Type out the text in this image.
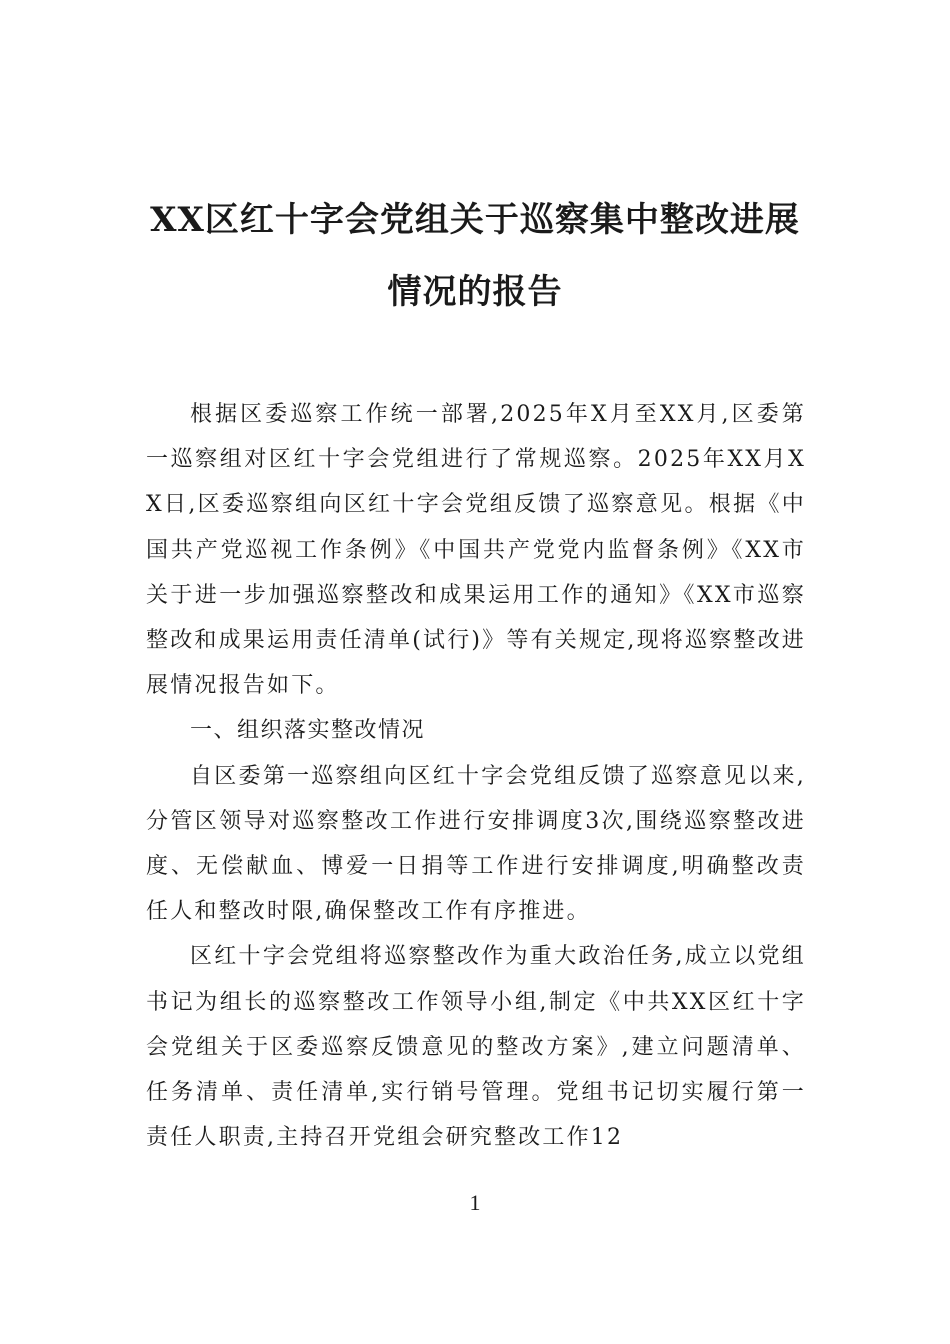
XX区红十字会党组关于巡察集中整改进展
情况的报告

根据区委巡察工作统一部署,2025年X月至XX月,区委第一巡察组对区红十字会党组进行了常规巡察。2025年XX月XX日,区委巡察组向区红十字会党组反馈了巡察意见。根据《中国共产党巡视工作条例》《中国共产党党内监督条例》《XX市关于进一步加强巡察整改和成果运用工作的通知》《XX市巡察整改和成果运用责任清单(试行)》等有关规定,现将巡察整改进展情况报告如下。

一、组织落实整改情况

自区委第一巡察组向区红十字会党组反馈了巡察意见以来,分管区领导对巡察整改工作进行安排调度3次,围绕巡察整改进度、无偿献血、博爱一日捐等工作进行安排调度,明确整改责任人和整改时限,确保整改工作有序推进。

区红十字会党组将巡察整改作为重大政治任务,成立以党组书记为组长的巡察整改工作领导小组,制定《中共XX区红十字会党组关于区委巡察反馈意见的整改方案》,建立问题清单、任务清单、责任清单,实行销号管理。党组书记切实履行第一责任人职责,主持召开党组会研究整改工作12

1
